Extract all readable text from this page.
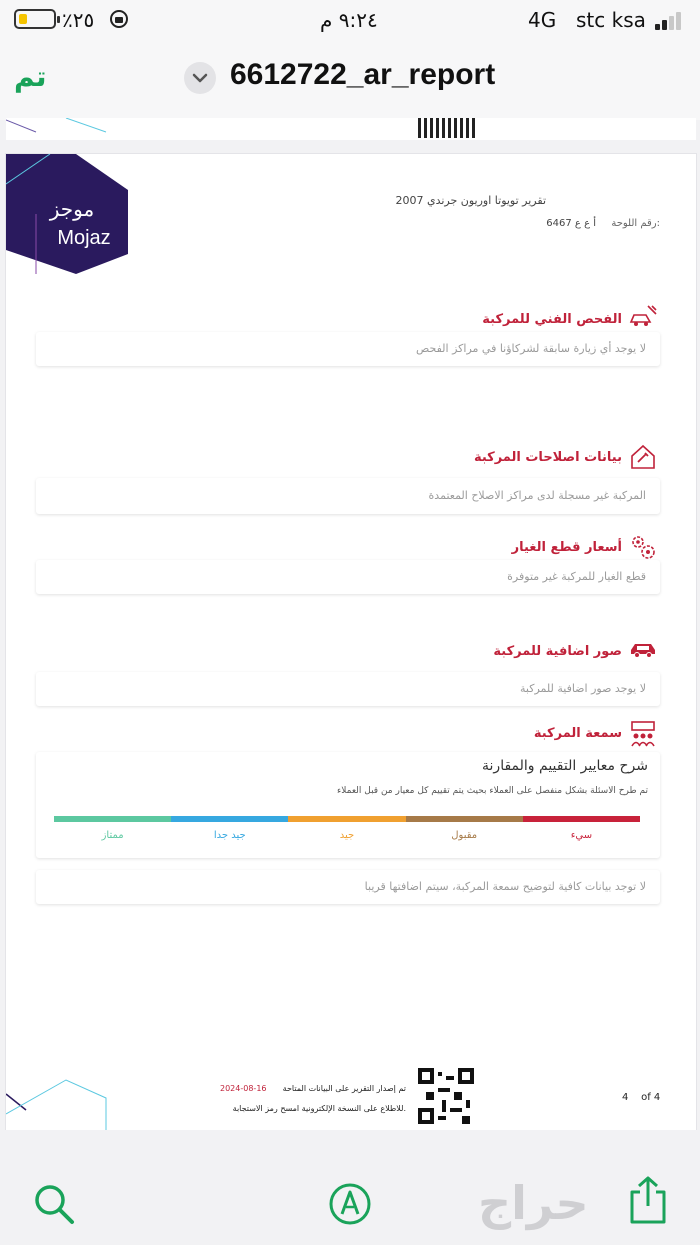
٪٢٥	٩:٢٤ م	4G stc ksa
تم	6612722_ar_report
موجز
Mojaz
تقرير تويوتا اوريون جرندي 2007
رقم اللوحة:
أ ع ع 6467
الفحص الفني للمركبة
لا يوجد أي زيارة سابقة لشركاؤنا في مراكز الفحص
بيانات اصلاحات المركبة
المركبة غير مسجلة لدى مراكز الاصلاح المعتمدة
أسعار قطع الغيار
قطع الغيار للمركبة غير متوفرة
صور اضافية للمركبة
لا يوجد صور اضافية للمركبة
سمعة المركبة
شرح معايير التقييم والمقارنة
تم طرح الاسئلة بشكل منفصل على العملاء بحيث يتم تقييم كل معيار من قبل العملاء
ممتاز	جيد جدا	جيد	مقبول	سيء
لا توجد بيانات كافية لتوضيح سمعة المركبة، سيتم اضافتها قريبا
2024-08-16 تم إصدار التقرير على البيانات المتاحة
للاطلاع على النسخة الإلكترونية امسح رمز الاستجابة.
4 of 4
حراج
